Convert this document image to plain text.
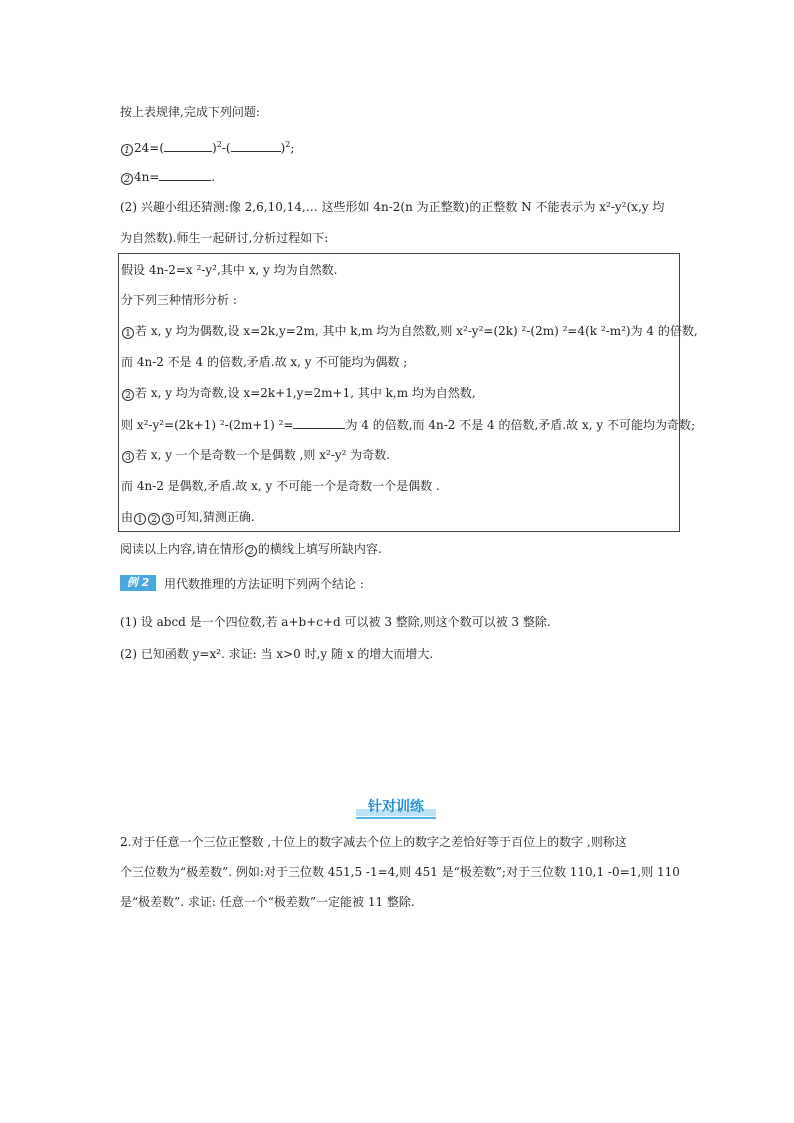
按上表规律,完成下列问题:
1 24=(	)$^2$-(	)$^2$;
2 4n=	.
(2) 兴趣小组还猜测:像 2,6,10,14,… 这些形如 4n-2(n 为正整数)的正整数 N 不能表示为 x²-y²(x,y 均
为自然数).师生一起研讨,分析过程如下:
假设 4n-2=x ²-y²,其中 x, y 均为自然数.
分下列三种情形分析 :
1 若 x, y 均为偶数,设 x=2k,y=2m, 其中 k,m 均为自然数,则 x²-y²=(2k) ²-(2m) ²=4(k ²-m²)为 4 的倍数,
而 4n-2 不是 4 的倍数,矛盾.故 x, y 不可能均为偶数 ;
2 若 x, y 均为奇数,设 x=2k+1,y=2m+1, 其中 k,m 均为自然数,
则 x²-y²=(2k+1) ²-(2m+1) ²=	为 4 的倍数,而 4n-2 不是 4 的倍数,矛盾.故 x, y 不可能均为奇数;
3 若 x, y 一个是奇数一个是偶数 ,则 x²-y² 为奇数.
而 4n-2 是偶数,矛盾.故 x, y 不可能一个是奇数一个是偶数 .
由 1 2 3 可知,猜测正确.
阅读以上内容,请在情形 2 的横线上填写所缺内容.
例 2	用代数推理的方法证明下列两个结论 :
(1) 设 abcd 是一个四位数,若 a+b+c+d 可以被 3 整除,则这个数可以被 3 整除.
(2) 已知函数 y=x². 求证: 当 x>0 时,y 随 x 的增大而增大.
针对训练
2.对于任意一个三位正整数 ,十位上的数字减去个位上的数字之差恰好等于百位上的数字 ,则称这
个三位数为“极差数”. 例如:对于三位数 451,5 -1=4,则 451 是“极差数”;对于三位数 110,1 -0=1,则 110
是“极差数”. 求证: 任意一个“极差数”一定能被 11 整除.
